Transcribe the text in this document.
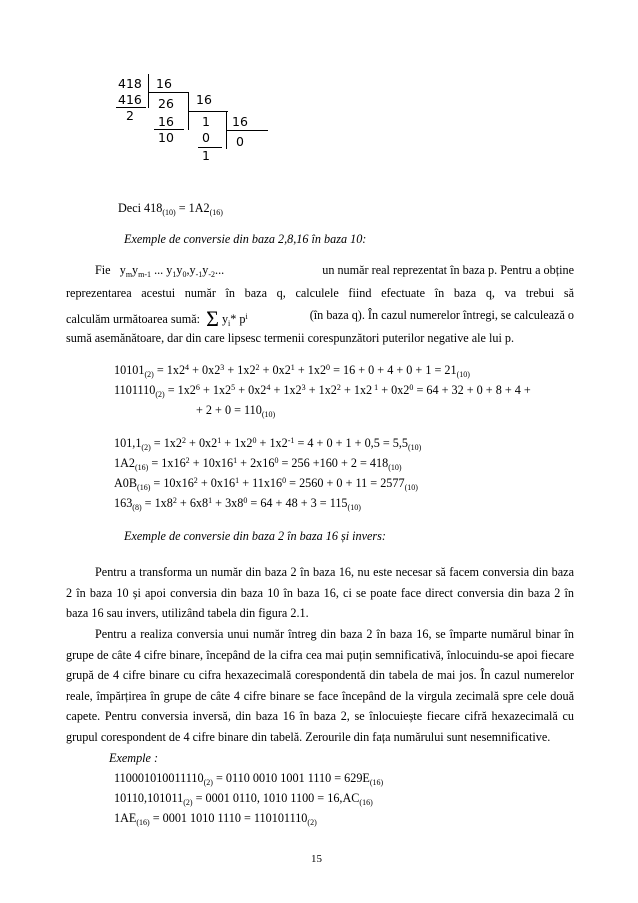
418
416
2
16
26
16
10
16
1
0
1
16
0
Deci $418_{(10)} = 1A2_{(16)}$
Exemple de conversie din baza 2,8,16 în baza 10:
Fie $y_my_{m-1}$ ... $y_1y_0,y_{-1}y_{-2}$...	un număr real reprezentat în baza p. Pentru a obține
reprezentarea acestui număr în baza q, calculele fiind efectuate în baza q, va trebui să
calculăm următoarea sumă: Σ $y_i*$ $p^i$	(în baza q). În cazul numerelor întregi, se calculează o
sumă asemănătoare, dar din care lipsesc termenii corespunzători puterilor negative ale lui p.
$10101_{(2)} = 1x2^4 + 0x2^3 + 1x2^2 + 0x2^1 + 1x2^0 = 16 + 0 + 4 + 0 + 1 = 21_{(10)}$
$1101110_{(2)} = 1x2^6 + 1x2^5 + 0x2^4 + 1x2^3 + 1x2^2 + 1x2$ $^1 + 0x2^0 = 64 + 32 + 0 + 8 + 4$ +
+ $2 + 0 = 110_{(10)}$
$101,1_{(2)} = 1x2^2 + 0x2^1 + 1x2^0 + 1x2^{-1} = 4 + 0 + 1 + 0,5 = 5,5_{(10)}$
$1A2_{(16)} = 1x16^2 + 10x16^1 + 2x16^0 = 256 +160 + 2 = 418_{(10)}$
$A0B_{(16)} = 10x16^2 + 0x16^1 + 11x16^0 = 2560 + 0 + 11 = 2577_{(10)}$
$163_{(8)} = 1x8^2 + 6x8^1 + 3x8^0 = 64 + 48 + 3 = 115_{(10)}$
Exemple de conversie din baza 2 în baza 16 și invers:
Pentru a transforma un număr din baza 2 în baza 16, nu este necesar să facem conversia din baza 2 în baza 10 și apoi conversia din baza 10 în baza 16, ci se poate face direct conversia din baza 2 în baza 16 sau invers, utilizând tabela din figura 2.1.
Pentru a realiza conversia unui număr întreg din baza 2 în baza 16, se împarte numărul binar în grupe de câte 4 cifre binare, începând de la cifra cea mai puțin semnificativă, înlocuindu-se apoi fiecare grupă de 4 cifre binare cu cifra hexazecimală corespondentă din tabela de mai jos. În cazul numerelor reale, împărțirea în grupe de câte 4 cifre binare se face începând de la virgula zecimală spre cele două capete. Pentru conversia inversă, din baza 16 în baza 2, se înlocuiește fiecare cifră hexazecimală cu grupul corespondent de 4 cifre binare din tabelă. Zerourile din fața numărului sunt nesemnificative.
Exemple :
$110001010011110_{(2)} = 0110$ 0010 1001 $1110 = 629E_{(16)}$
$10110,101011_{(2)} = 0001$ 0110, 1010 $1100 = 16,AC_{(16)}$
$1AE_{(16)} = 0001$ 1010 $1110 = 110101110_{(2)}$
15
